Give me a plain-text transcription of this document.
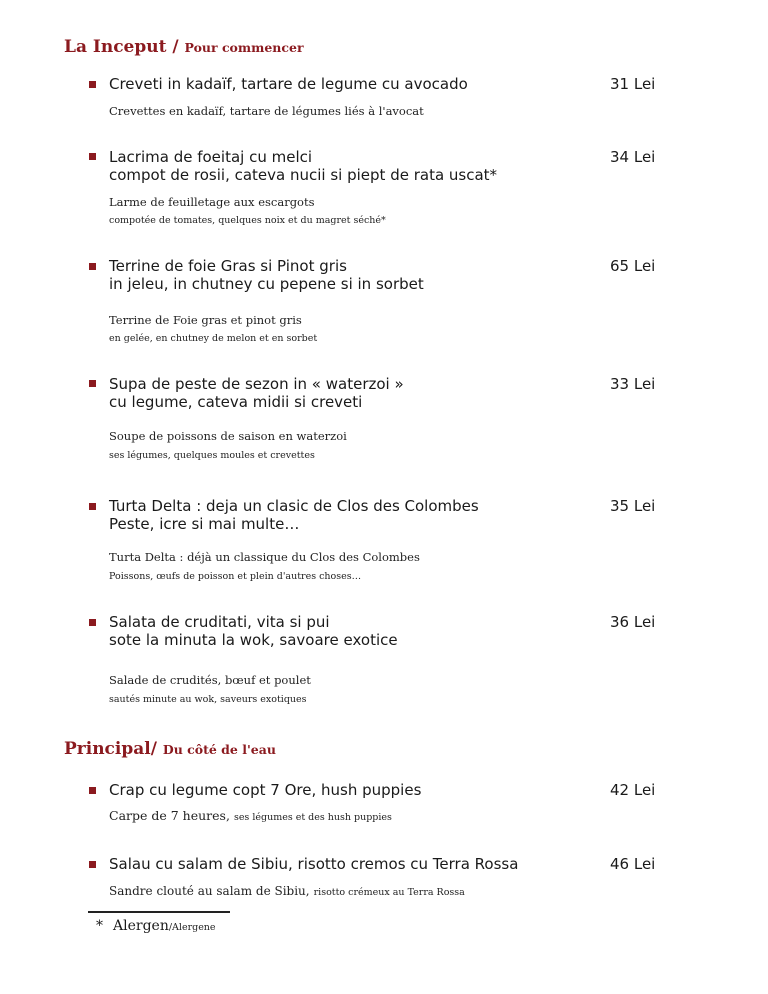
La Inceput / Pour commencer
Creveti in kadaïf, tartare de legume cu avocado	31 Lei
Crevettes en kadaïf, tartare de légumes liés à l'avocat
Lacrima de foeitaj cu melci
compot de rosii, cateva nucii si piept de rata uscat*
34 Lei
Larme de feuilletage aux escargots
compotée de tomates, quelques noix et du magret séché*
Terrine de foie Gras si Pinot gris
in jeleu, in chutney cu pepene si in sorbet
65 Lei
Terrine de Foie gras et pinot gris
en gelée, en chutney de melon et en sorbet
Supa de peste de sezon in « waterzoi »
cu legume, cateva midii si creveti
33 Lei
Soupe de poissons de saison en waterzoi
ses légumes, quelques moules et crevettes
Turta Delta : deja un clasic de Clos des Colombes
Peste, icre si mai multe…
35 Lei
Turta Delta : déjà un classique du Clos des Colombes
Poissons, œufs de poisson et plein d'autres choses…
Salata de cruditati, vita si pui
sote la minuta la wok, savoare exotice
36 Lei
Salade de crudités, bœuf et poulet
sautés minute au wok, saveurs exotiques
Principal/ Du côté de l'eau
Crap cu legume copt 7 Ore, hush puppies	42 Lei
Carpe de 7 heures, ses légumes et des hush puppies
Salau cu salam de Sibiu, risotto cremos cu Terra Rossa	46 Lei
Sandre clouté au salam de Sibiu, risotto crémeux au Terra Rossa
* Alergen/Alergene
